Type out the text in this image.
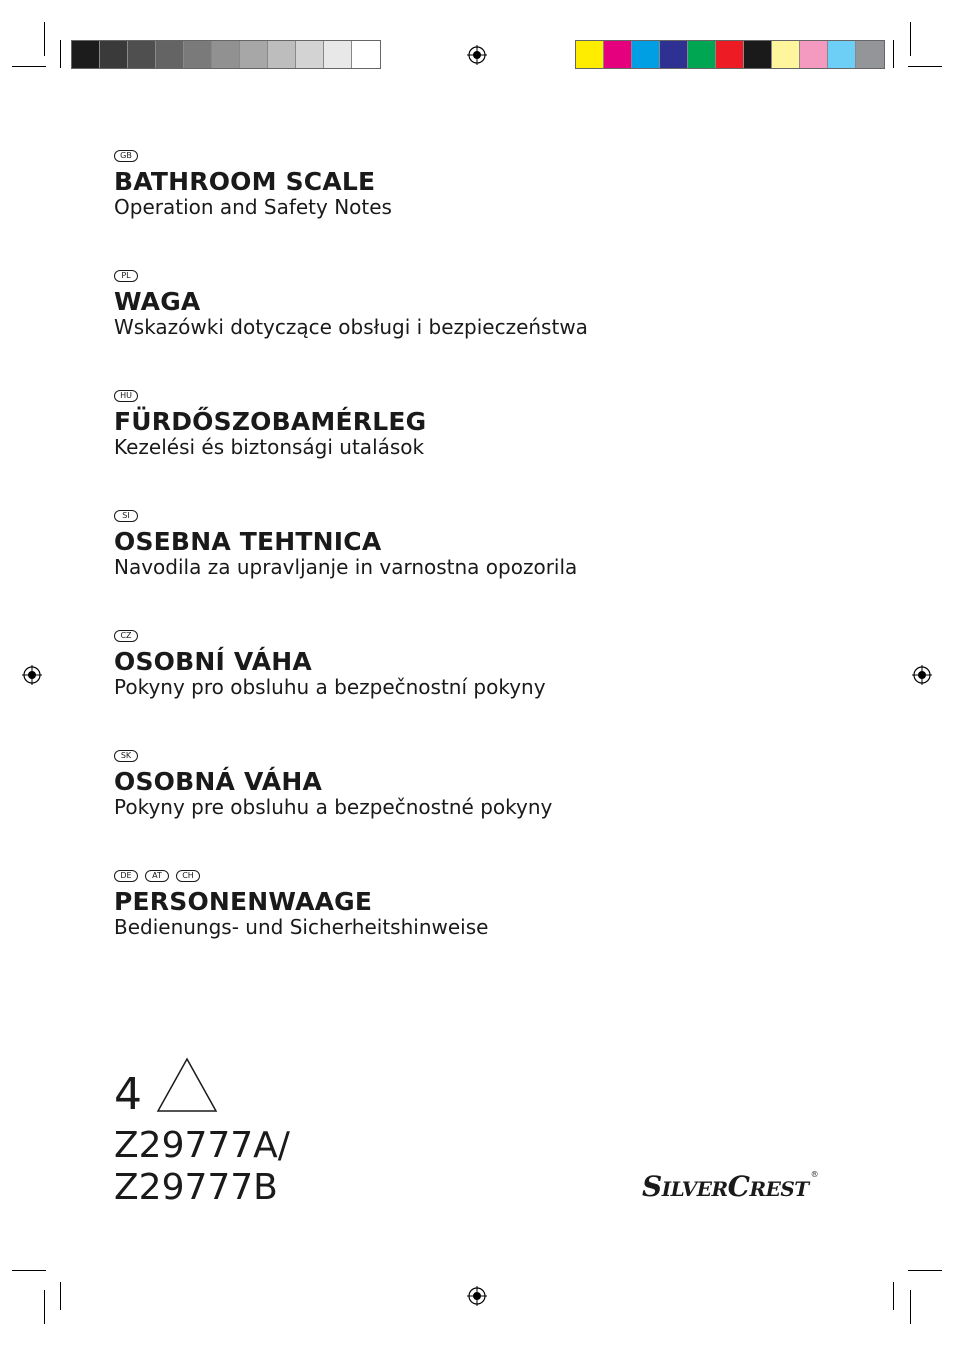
GB
BATHROOM SCALE
Operation and Safety Notes
PL
WAGA
Wskazówki dotyczące obsługi i bezpieczeństwa
HU
FÜRDŐSZOBAMÉRLEG
Kezelési és biztonsági utalások
SI
OSEBNA TEHTNICA
Navodila za upravljanje in varnostna opozorila
CZ
OSOBNÍ VÁHA
Pokyny pro obsluhu a bezpečnostní pokyny
SK
OSOBNÁ VÁHA
Pokyny pre obsluhu a bezpečnostné pokyny
DE	AT	CH
PERSONENWAAGE
Bedienungs- und Sicherheitshinweise
4
Z29777A/
Z29777B	SILVERCREST®
